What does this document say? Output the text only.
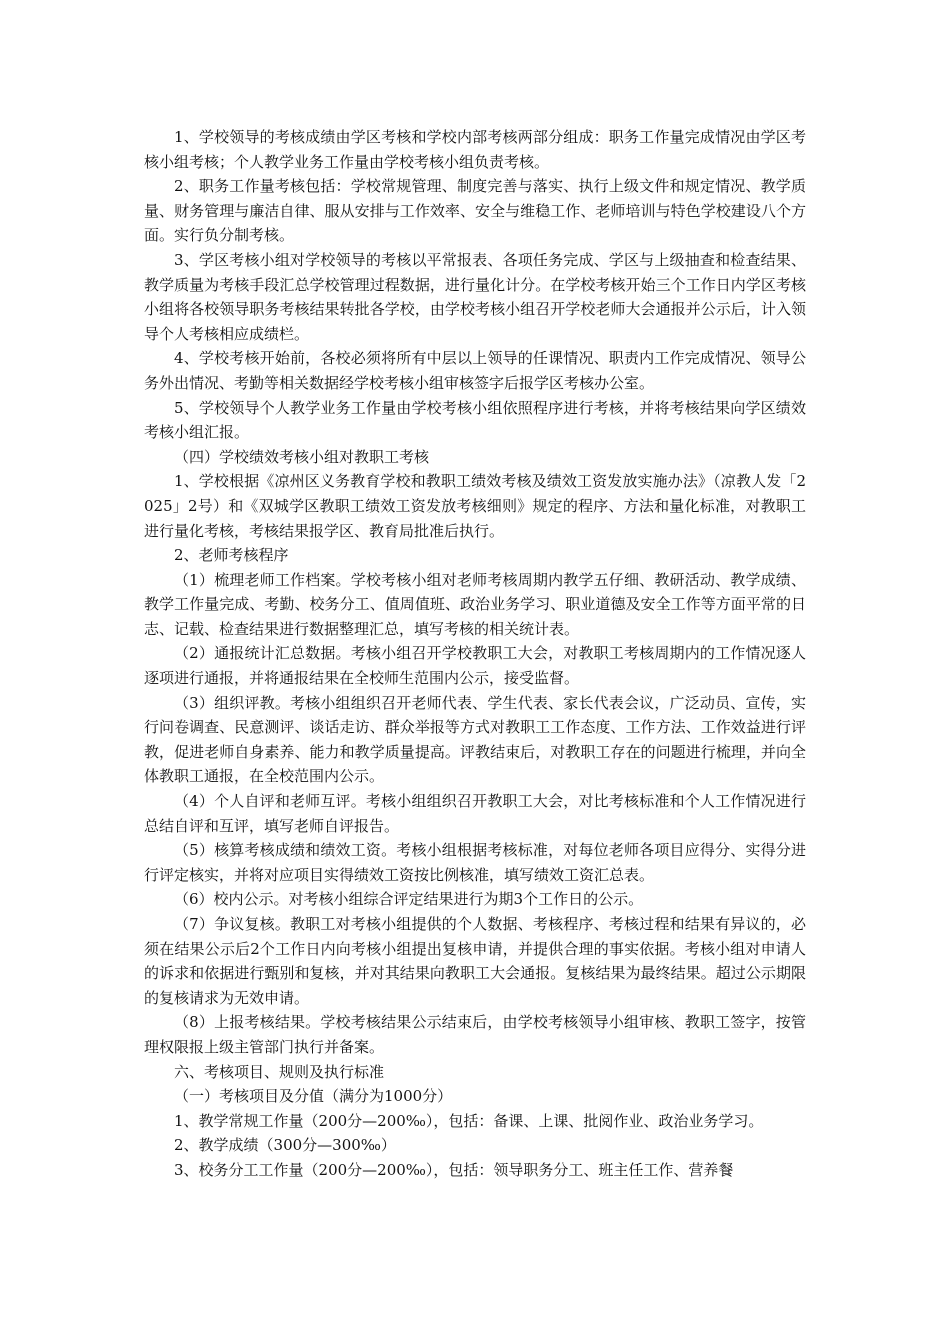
1、学校领导的考核成绩由学区考核和学校内部考核两部分组成：职务工作量完成情况由学区考核小组考核；个人教学业务工作量由学校考核小组负责考核。

2、职务工作量考核包括：学校常规管理、制度完善与落实、执行上级文件和规定情况、教学质量、财务管理与廉洁自律、服从安排与工作效率、安全与维稳工作、老师培训与特色学校建设八个方面。实行负分制考核。

3、学区考核小组对学校领导的考核以平常报表、各项任务完成、学区与上级抽查和检查结果、教学质量为考核手段汇总学校管理过程数据，进行量化计分。在学校考核开始三个工作日内学区考核小组将各校领导职务考核结果转批各学校，由学校考核小组召开学校老师大会通报并公示后，计入领导个人考核相应成绩栏。

4、学校考核开始前，各校必须将所有中层以上领导的任课情况、职责内工作完成情况、领导公务外出情况、考勤等相关数据经学校考核小组审核签字后报学区考核办公室。

5、学校领导个人教学业务工作量由学校考核小组依照程序进行考核，并将考核结果向学区绩效考核小组汇报。

（四）学校绩效考核小组对教职工考核

1、学校根据《凉州区义务教育学校和教职工绩效考核及绩效工资发放实施办法》（凉教人发「2025」2号）和《双城学区教职工绩效工资发放考核细则》规定的程序、方法和量化标准，对教职工进行量化考核，考核结果报学区、教育局批准后执行。

2、老师考核程序

（1）梳理老师工作档案。学校考核小组对老师考核周期内教学五仔细、教研活动、教学成绩、教学工作量完成、考勤、校务分工、值周值班、政治业务学习、职业道德及安全工作等方面平常的日志、记载、检查结果进行数据整理汇总，填写考核的相关统计表。

（2）通报统计汇总数据。考核小组召开学校教职工大会，对教职工考核周期内的工作情况逐人逐项进行通报，并将通报结果在全校师生范围内公示，接受监督。

（3）组织评教。考核小组组织召开老师代表、学生代表、家长代表会议，广泛动员、宣传，实行问卷调查、民意测评、谈话走访、群众举报等方式对教职工工作态度、工作方法、工作效益进行评教，促进老师自身素养、能力和教学质量提高。评教结束后，对教职工存在的问题进行梳理，并向全体教职工通报，在全校范围内公示。

（4）个人自评和老师互评。考核小组组织召开教职工大会，对比考核标准和个人工作情况进行总结自评和互评，填写老师自评报告。

（5）核算考核成绩和绩效工资。考核小组根据考核标准，对每位老师各项目应得分、实得分进行评定核实，并将对应项目实得绩效工资按比例核准，填写绩效工资汇总表。

（6）校内公示。对考核小组综合评定结果进行为期3个工作日的公示。

（7）争议复核。教职工对考核小组提供的个人数据、考核程序、考核过程和结果有异议的，必须在结果公示后2个工作日内向考核小组提出复核申请，并提供合理的事实依据。考核小组对申请人的诉求和依据进行甄别和复核，并对其结果向教职工大会通报。复核结果为最终结果。超过公示期限的复核请求为无效申请。

（8）上报考核结果。学校考核结果公示结束后，由学校考核领导小组审核、教职工签字，按管理权限报上级主管部门执行并备案。

六、考核项目、规则及执行标准

（一）考核项目及分值（满分为1000分）

1、教学常规工作量（200分—200‰），包括：备课、上课、批阅作业、政治业务学习。

2、教学成绩（300分—300‰）

3、校务分工工作量（200分—200‰），包括：领导职务分工、班主任工作、营养餐
